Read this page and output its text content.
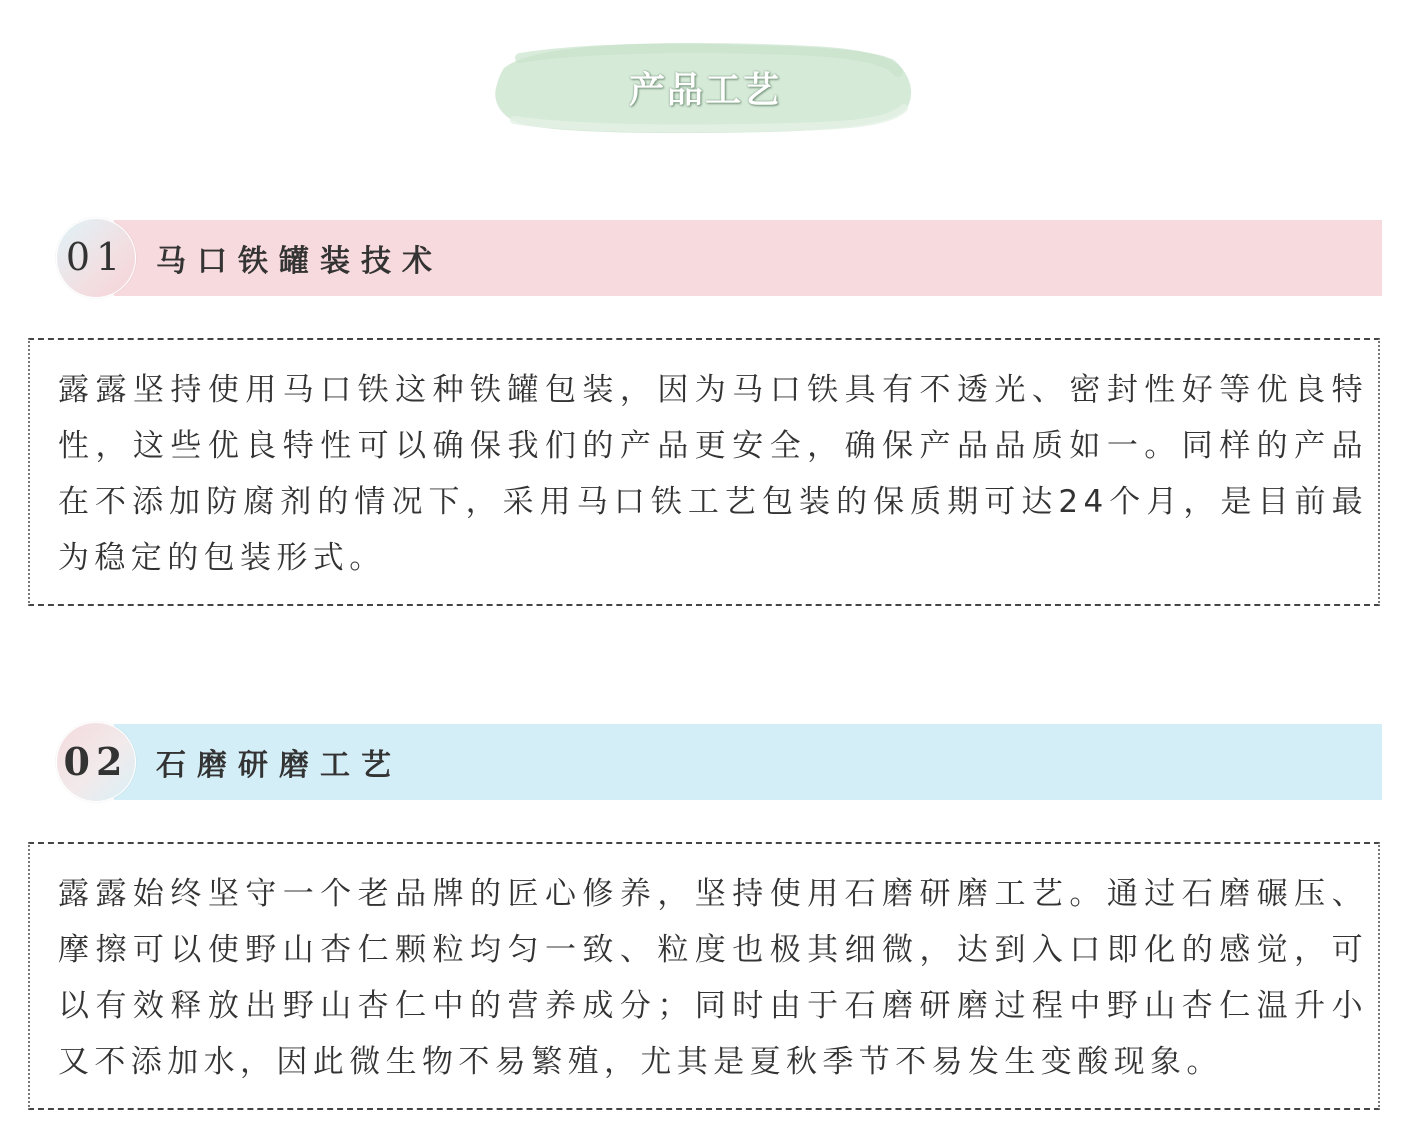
产品工艺
01 马口铁罐装技术

露露坚持使用马口铁这种铁罐包装，因为马口铁具有不透光、密封性好等优良特性，这些优良特性可以确保我们的产品更安全，确保产品品质如一。同样的产品在不添加防腐剂的情况下，采用马口铁工艺包装的保质期可达24个月，是目前最为稳定的包装形式。

02 石磨研磨工艺

露露始终坚守一个老品牌的匠心修养，坚持使用石磨研磨工艺。通过石磨碾压、摩擦可以使野山杏仁颗粒均匀一致、粒度也极其细微，达到入口即化的感觉，可以有效释放出野山杏仁中的营养成分；同时由于石磨研磨过程中野山杏仁温升小又不添加水，因此微生物不易繁殖，尤其是夏秋季节不易发生变酸现象。
